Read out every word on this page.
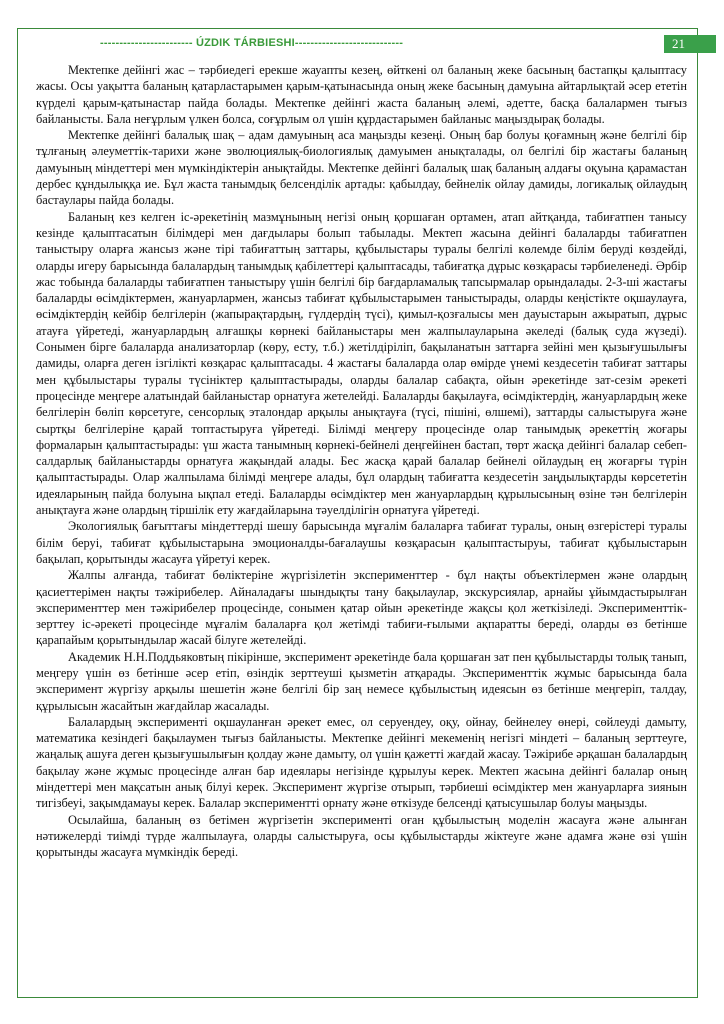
------------------------ ÚZDIK TÁRBIESHI----------------------------	21

Мектепке дейінгі жас – тәрбиедегі ерекше жауапты кезең, өйткені ол баланың жеке басының бастапқы қалыптасу жасы. Осы уақытта баланың қатарластарымен қарым-қатынасында оның жеке басының дамуына айтарлықтай әсер ететін күрделі қарым-қатынастар пайда болады. Мектепке дейінгі жаста баланың әлемі, әдетте, басқа балалармен тығыз байланысты. Бала неғұрлым үлкен болса, соғұрлым ол үшін құрдастарымен байланыс маңыздырақ болады.

Мектепке дейінгі балалық шақ – адам дамуының аса маңызды кезеңі. Оның бар болуы қоғамның және белгілі бір тұлғаның әлеуметтік-тарихи және эволюциялық-биологиялық дамуымен анықталады, ол белгілі бір жастағы баланың дамуының міндеттері мен мүмкіндіктерін анықтайды. Мектепке дейінгі балалық шақ баланың алдағы оқуына қарамастан дербес құндылыққа ие. Бұл жаста танымдық белсенділік артады: қабылдау, бейнелік ойлау дамиды, логикалық ойлаудың бастаулары пайда болады.

Баланың кез келген іс-әрекетінің мазмұнының негізі оның қоршаған ортамен, атап айтқанда, табиғатпен танысу кезінде қалыптасатын білімдері мен дағдылары болып табылады. Мектеп жасына дейінгі балаларды табиғатпен таныстыру оларға жансыз және тірі табиғаттың заттары, құбылыстары туралы белгілі көлемде білім беруді көздейді, оларды игеру барысында балалардың танымдық қабілеттері қалыптасады, табиғатқа дұрыс көзқарасы тәрбиеленеді. Әрбір жас тобында балаларды табиғатпен таныстыру үшін белгілі бір бағдарламалық тапсырмалар орындалады. 2-3-ші жастағы балаларды өсімдіктермен, жануарлармен, жансыз табиғат құбылыстарымен таныстырады, оларды кеңістікте оқшаулауға, өсімдіктердің кейбір белгілерін (жапырақтардың, гүлдердің түсі), қимыл-қозғалысы мен дауыстарын ажыратып, дұрыс атауға үйретеді, жануарлардың алғашқы көрнекі байланыстары мен жалпылауларына әкеледі (балық суда жүзеді). Сонымен бірге балаларда анализаторлар (көру, есту, т.б.) жетілдіріліп, бақыланатын заттарға зейіні мен қызығушылығы дамиды, оларға деген ізгілікті көзқарас қалыптасады. 4 жастағы балаларда олар өмірде үнемі кездесетін табиғат заттары мен құбылыстары туралы түсініктер қалыптастырады, оларды балалар сабақта, ойын әрекетінде зат-сезім әрекеті процесінде меңгере алатындай байланыстар орнатуға жетелейді. Балаларды бақылауға, өсімдіктердің, жануарлардың жеке белгілерін бөліп көрсетуге, сенсорлық эталондар арқылы анықтауға (түсі, пішіні, өлшемі), заттарды салыстыруға және сыртқы белгілеріне қарай топтастыруға үйретеді. Білімді меңгеру процесінде олар танымдық әрекеттің жоғары формаларын қалыптастырады: үш жаста танымның көрнекі-бейнелі деңгейінен бастап, төрт жасқа дейінгі балалар себеп-салдарлық байланыстарды орнатуға жақындай алады. Бес жасқа қарай балалар бейнелі ойлаудың ең жоғарғы түрін қалыптастырады. Олар жалпылама білімді меңгере алады, бұл олардың табиғатта кездесетін заңдылықтарды көрсететін идеяларының пайда болуына ықпал етеді. Балаларды өсімдіктер мен жануарлардың құрылысының өзіне тән белгілерін анықтауға және олардың тіршілік ету жағдайларына тәуелділігін орнатуға үйретеді.

Экологиялық бағыттағы міндеттерді шешу барысында мұғалім балаларға табиғат туралы, оның өзгерістері туралы білім беруі, табиғат құбылыстарына эмоционалды-бағалаушы көзқарасын қалыптастыруы, табиғат құбылыстарын бақылап, қорытынды жасауға үйретуі керек.

Жалпы алғанда, табиғат бөліктеріне жүргізілетін эксперименттер - бұл нақты объектілермен және олардың қасиеттерімен нақты тәжірибелер. Айналадағы шындықты тану бақылаулар, экскурсиялар, арнайы ұйымдастырылған эксперименттер мен тәжірибелер процесінде, сонымен қатар ойын әрекетінде жақсы қол жеткізіледі. Эксперименттік-зерттеу іс-әрекеті процесінде мұғалім балаларға қол жетімді табиғи-ғылыми ақпаратты береді, оларды өз бетінше қарапайым қорытындылар жасай білуге жетелейді.

Академик Н.Н.Поддьяковтың пікірінше, эксперимент әрекетінде бала қоршаған зат пен құбылыстарды толық танып, меңгеру үшін өз бетінше әсер етіп, өзіндік зерттеуші қызметін атқарады. Эксперименттік жұмыс барысында бала эксперимент жүргізу арқылы шешетін және белгілі бір заң немесе құбылыстың идеясын өз бетінше меңгеріп, талдау, құрылысын жасайтын жағдайлар жасалады.

Балалардың эксперименті оқшауланған әрекет емес, ол серуендеу, оқу, ойнау, бейнелеу өнері, сөйлеуді дамыту, математика кезіндегі бақылаумен тығыз байланысты. Мектепке дейінгі мекеменің негізгі міндеті – баланың зерттеуге, жаңалық ашуға деген қызығушылығын қолдау және дамыту, ол үшін қажетті жағдай жасау. Тәжірибе әрқашан балалардың бақылау және жұмыс процесінде алған бар идеялары негізінде құрылуы керек. Мектеп жасына дейінгі балалар оның міндеттері мен мақсатын анық білуі керек. Эксперимент жүргізе отырып, тәрбиеші өсімдіктер мен жануарларға зиянын тигізбеуі, зақымдамауы керек. Балалар экспериментті орнату және өткізуде белсенді қатысушылар болуы маңызды.

Осылайша, баланың өз бетімен жүргізетін эксперименті оған құбылыстың моделін жасауға және алынған нәтижелерді тиімді түрде жалпылауға, оларды салыстыруға, осы құбылыстарды жіктеуге және адамға және өзі үшін қорытынды жасауға мүмкіндік береді.
